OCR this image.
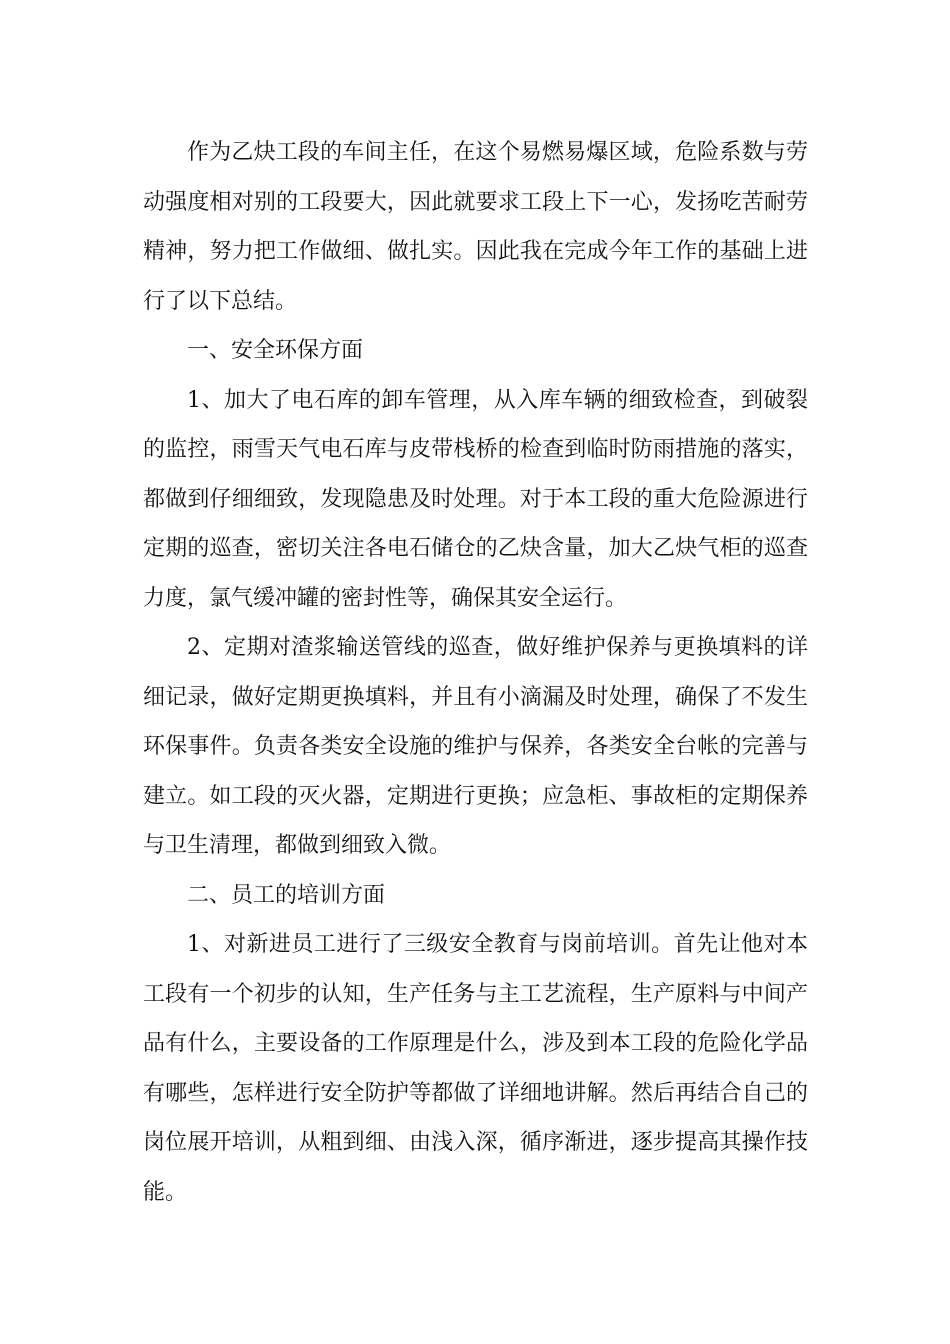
作为乙炔工段的车间主任，在这个易燃易爆区域，危险系数与劳动强度相对别的工段要大，因此就要求工段上下一心，发扬吃苦耐劳精神，努力把工作做细、做扎实。因此我在完成今年工作的基础上进行了以下总结。

一、安全环保方面

1、加大了电石库的卸车管理，从入库车辆的细致检查，到破裂的监控，雨雪天气电石库与皮带栈桥的检查到临时防雨措施的落实，都做到仔细细致，发现隐患及时处理。对于本工段的重大危险源进行定期的巡查，密切关注各电石储仓的乙炔含量，加大乙炔气柜的巡查力度，氯气缓冲罐的密封性等，确保其安全运行。

2、定期对渣浆输送管线的巡查，做好维护保养与更换填料的详细记录，做好定期更换填料，并且有小滴漏及时处理，确保了不发生环保事件。负责各类安全设施的维护与保养，各类安全台帐的完善与建立。如工段的灭火器，定期进行更换；应急柜、事故柜的定期保养与卫生清理，都做到细致入微。

二、员工的培训方面

1、对新进员工进行了三级安全教育与岗前培训。首先让他对本工段有一个初步的认知，生产任务与主工艺流程，生产原料与中间产品有什么，主要设备的工作原理是什么，涉及到本工段的危险化学品有哪些，怎样进行安全防护等都做了详细地讲解。然后再结合自己的岗位展开培训，从粗到细、由浅入深，循序渐进，逐步提高其操作技能。
